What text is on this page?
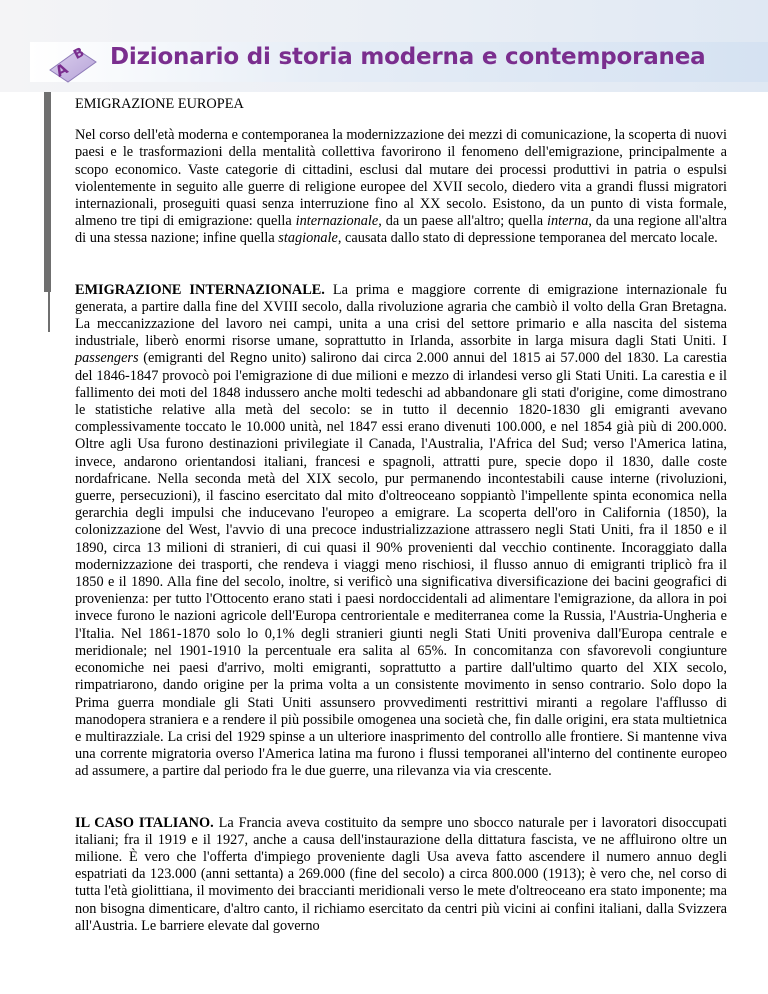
A
B Dizionario di storia moderna e contemporanea
EMIGRAZIONE EUROPEA

Nel corso dell'età moderna e contemporanea la modernizzazione dei mezzi di comunicazione, la scoperta di nuovi paesi e le trasformazioni della mentalità collettiva favorirono il fenomeno dell'emigrazione, principalmente a scopo economico. Vaste categorie di cittadini, esclusi dal mutare dei processi produttivi in patria o espulsi violentemente in seguito alle guerre di religione europee del XVII secolo, diedero vita a grandi flussi migratori internazionali, proseguiti quasi senza interruzione fino al XX secolo. Esistono, da un punto di vista formale, almeno tre tipi di emigrazione: quella internazionale, da un paese all'altro; quella interna, da una regione all'altra di una stessa nazione; infine quella stagionale, causata dallo stato di depressione temporanea del mercato locale.

EMIGRAZIONE INTERNAZIONALE. La prima e maggiore corrente di emigrazione internazionale fu generata, a partire dalla fine del XVIII secolo, dalla rivoluzione agraria che cambiò il volto della Gran Bretagna. La meccanizzazione del lavoro nei campi, unita a una crisi del settore primario e alla nascita del sistema industriale, liberò enormi risorse umane, soprattutto in Irlanda, assorbite in larga misura dagli Stati Uniti. I passengers (emigranti del Regno unito) salirono dai circa 2.000 annui del 1815 ai 57.000 del 1830. La carestia del 1846-1847 provocò poi l'emigrazione di due milioni e mezzo di irlandesi verso gli Stati Uniti. La carestia e il fallimento dei moti del 1848 indussero anche molti tedeschi ad abbandonare gli stati d'origine, come dimostrano le statistiche relative alla metà del secolo: se in tutto il decennio 1820-1830 gli emigranti avevano complessivamente toccato le 10.000 unità, nel 1847 essi erano divenuti 100.000, e nel 1854 già più di 200.000. Oltre agli Usa furono destinazioni privilegiate il Canada, l'Australia, l'Africa del Sud; verso l'America latina, invece, andarono orientandosi italiani, francesi e spagnoli, attratti pure, specie dopo il 1830, dalle coste nordafricane. Nella seconda metà del XIX secolo, pur permanendo incontestabili cause interne (rivoluzioni, guerre, persecuzioni), il fascino esercitato dal mito d'oltreoceano soppiantò l'impellente spinta economica nella gerarchia degli impulsi che inducevano l'europeo a emigrare. La scoperta dell'oro in California (1850), la colonizzazione del West, l'avvio di una precoce industrializzazione attrassero negli Stati Uniti, fra il 1850 e il 1890, circa 13 milioni di stranieri, di cui quasi il 90% provenienti dal vecchio continente. Incoraggiato dalla modernizzazione dei trasporti, che rendeva i viaggi meno rischiosi, il flusso annuo di emigranti triplicò fra il 1850 e il 1890. Alla fine del secolo, inoltre, si verificò una significativa diversificazione dei bacini geografici di provenienza: per tutto l'Ottocento erano stati i paesi nordoccidentali ad alimentare l'emigrazione, da allora in poi invece furono le nazioni agricole dell'Europa centrorientale e mediterranea come la Russia, l'Austria-Ungheria e l'Italia. Nel 1861-1870 solo lo 0,1% degli stranieri giunti negli Stati Uniti proveniva dall'Europa centrale e meridionale; nel 1901-1910 la percentuale era salita al 65%. In concomitanza con sfavorevoli congiunture economiche nei paesi d'arrivo, molti emigranti, soprattutto a partire dall'ultimo quarto del XIX secolo, rimpatriarono, dando origine per la prima volta a un consistente movimento in senso contrario. Solo dopo la Prima guerra mondiale gli Stati Uniti assunsero provvedimenti restrittivi miranti a regolare l'afflusso di manodopera straniera e a rendere il più possibile omogenea una società che, fin dalle origini, era stata multietnica e multirazziale. La crisi del 1929 spinse a un ulteriore inasprimento del controllo alle frontiere. Si mantenne viva una corrente migratoria overso l'America latina ma furono i flussi temporanei all'interno del continente europeo ad assumere, a partire dal periodo fra le due guerre, una rilevanza via via crescente.

IL CASO ITALIANO. La Francia aveva costituito da sempre uno sbocco naturale per i lavoratori disoccupati italiani; fra il 1919 e il 1927, anche a causa dell'instaurazione della dittatura fascista, ve ne affluirono oltre un milione. È vero che l'offerta d'impiego proveniente dagli Usa aveva fatto ascendere il numero annuo degli espatriati da 123.000 (anni settanta) a 269.000 (fine del secolo) a circa 800.000 (1913); è vero che, nel corso di tutta l'età giolittiana, il movimento dei braccianti meridionali verso le mete d'oltreoceano era stato imponente; ma non bisogna dimenticare, d'altro canto, il richiamo esercitato da centri più vicini ai confini italiani, dalla Svizzera all'Austria. Le barriere elevate dal governo
